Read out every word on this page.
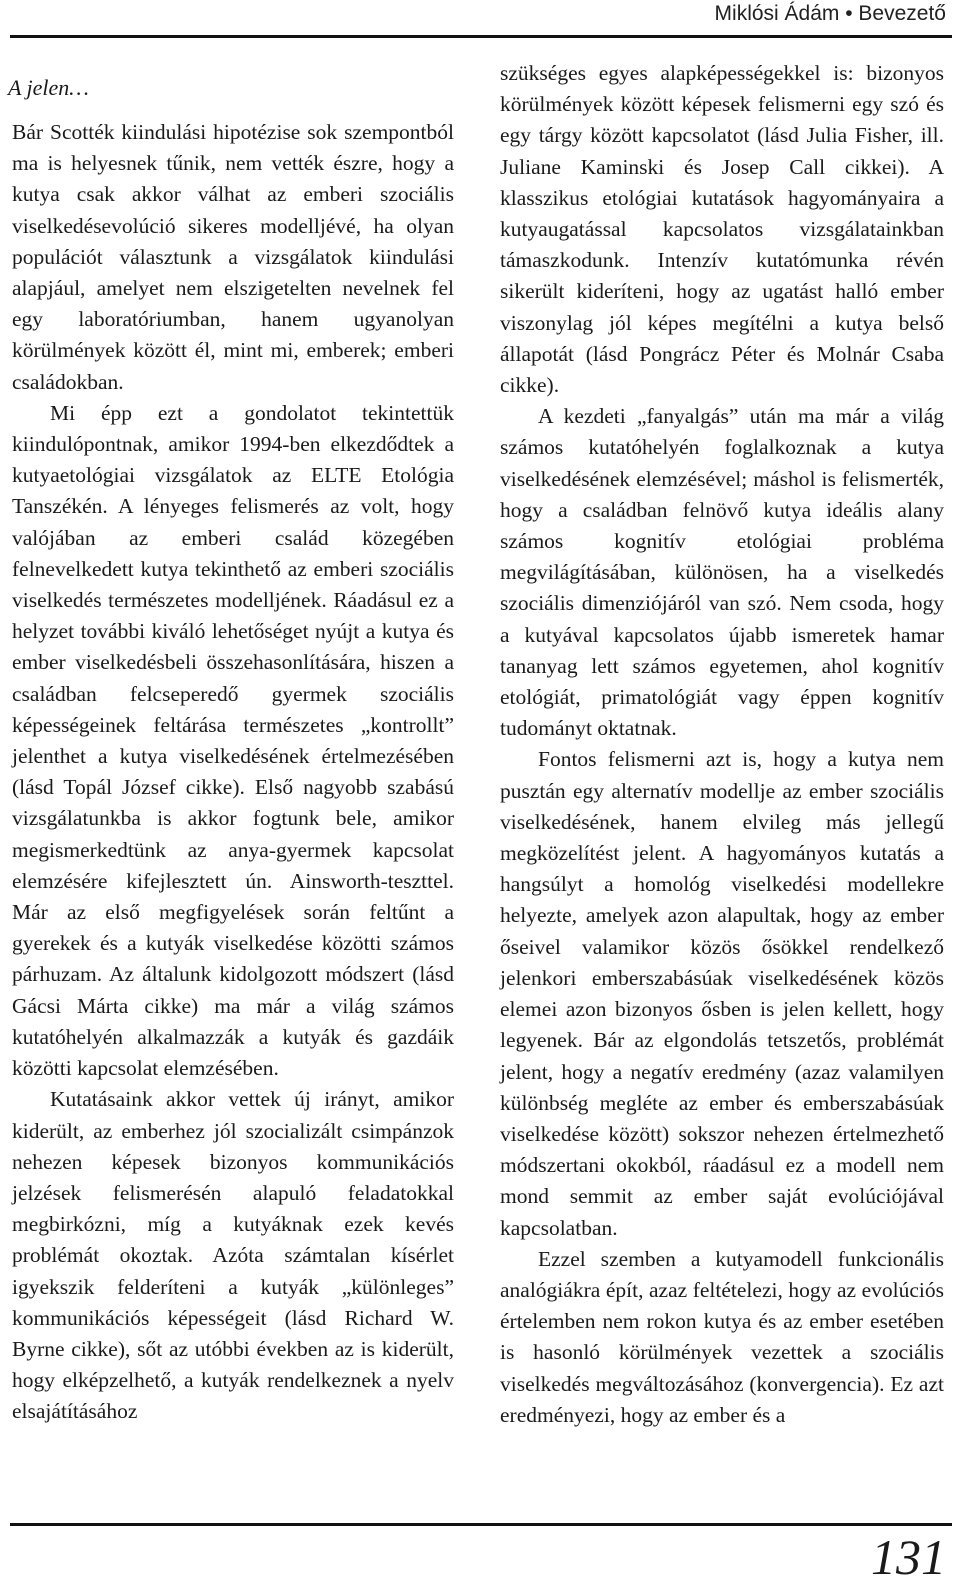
Miklósi Ádám • Bevezető
A jelen…

Bár Scotték kiindulási hipotézise sok szempontból ma is helyesnek tűnik, nem vették észre, hogy a kutya csak akkor válhat az emberi szociális viselkedésevolúció sikeres modelljévé, ha olyan populációt választunk a vizsgálatok kiindulási alapjául, amelyet nem elszigetelten nevelnek fel egy laboratóriumban, hanem ugyanolyan körülmények között él, mint mi, emberek; emberi családokban.

Mi épp ezt a gondolatot tekintettük kiindulópontnak, amikor 1994-ben elkezdődtek a kutyaetológiai vizsgálatok az ELTE Etológia Tanszékén. A lényeges felismerés az volt, hogy valójában az emberi család közegében felnevelkedett kutya tekinthető az emberi szociális viselkedés természetes modelljének. Ráadásul ez a helyzet további kiváló lehetőséget nyújt a kutya és ember viselkedésbeli összehasonlítására, hiszen a családban felcseperedő gyermek szociális képességeinek feltárása természetes „kontrollt” jelenthet a kutya viselkedésének értelmezésében (lásd Topál József cikke). Első nagyobb szabású vizsgálatunkba is akkor fogtunk bele, amikor megismerkedtünk az anya-gyermek kapcsolat elemzésére kifejlesztett ún. Ainsworth-teszttel. Már az első megfigyelések során feltűnt a gyerekek és a kutyák viselkedése közötti számos párhuzam. Az általunk kidolgozott módszert (lásd Gácsi Márta cikke) ma már a világ számos kutatóhelyén alkalmazzák a kutyák és gazdáik közötti kapcsolat elemzésében.

Kutatásaink akkor vettek új irányt, amikor kiderült, az emberhez jól szocializált csimpánzok nehezen képesek bizonyos kommunikációs jelzések felismerésén alapuló feladatokkal megbirkózni, míg a kutyáknak ezek kevés problémát okoztak. Azóta számtalan kísérlet igyekszik felderíteni a kutyák „különleges” kommunikációs képességeit (lásd Richard W. Byrne cikke), sőt az utóbbi években az is kiderült, hogy elképzelhető, a kutyák rendelkeznek a nyelv elsajátításához

szükséges egyes alapképességekkel is: bizonyos körülmények között képesek felismerni egy szó és egy tárgy között kapcsolatot (lásd Julia Fisher, ill. Juliane Kaminski és Josep Call cikkei). A klasszikus etológiai kutatások hagyományaira a kutyaugatással kapcsolatos vizsgálatainkban támaszkodunk. Intenzív kutatómunka révén sikerült kideríteni, hogy az ugatást halló ember viszonylag jól képes megítélni a kutya belső állapotát (lásd Pongrácz Péter és Molnár Csaba cikke).

A kezdeti „fanyalgás” után ma már a világ számos kutatóhelyén foglalkoznak a kutya viselkedésének elemzésével; máshol is felismerték, hogy a családban felnövő kutya ideális alany számos kognitív etológiai probléma megvilágításában, különösen, ha a viselkedés szociális dimenziójáról van szó. Nem csoda, hogy a kutyával kapcsolatos újabb ismeretek hamar tananyag lett számos egyetemen, ahol kognitív etológiát, primatológiát vagy éppen kognitív tudományt oktatnak.

Fontos felismerni azt is, hogy a kutya nem pusztán egy alternatív modellje az ember szociális viselkedésének, hanem elvileg más jellegű megközelítést jelent. A hagyományos kutatás a hangsúlyt a homológ viselkedési modellekre helyezte, amelyek azon alapultak, hogy az ember őseivel valamikor közös ősökkel rendelkező jelenkori emberszabásúak viselkedésének közös elemei azon bizonyos ősben is jelen kellett, hogy legyenek. Bár az elgondolás tetszetős, problémát jelent, hogy a negatív eredmény (azaz valamilyen különbség megléte az ember és emberszabásúak viselkedése között) sokszor nehezen értelmezhető módszertani okokból, ráadásul ez a modell nem mond semmit az ember saját evolúciójával kapcsolatban.

Ezzel szemben a kutyamodell funkcionális analógiákra épít, azaz feltételezi, hogy az evolúciós értelemben nem rokon kutya és az ember esetében is hasonló körülmények vezettek a szociális viselkedés megváltozásához (konvergencia). Ez azt eredményezi, hogy az ember és a

131
